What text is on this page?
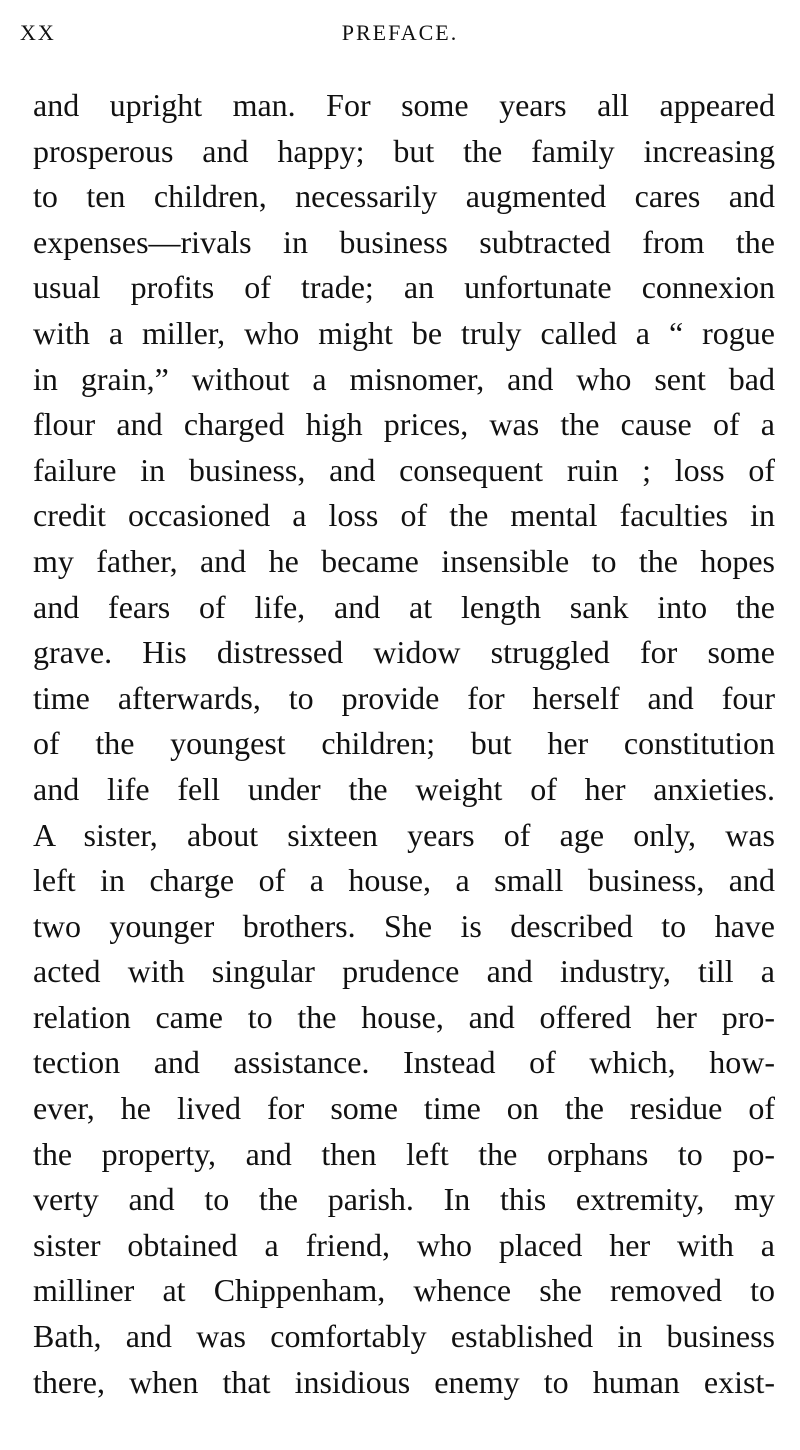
XX	PREFACE.
and upright man. For some years all appeared
prosperous and happy; but the family increasing
to ten children, necessarily augmented cares and
expenses—rivals in business subtracted from the
usual profits of trade; an unfortunate connexion
with a miller, who might be truly called a “ rogue
in grain,” without a misnomer, and who sent bad
flour and charged high prices, was the cause of a
failure in business, and consequent ruin ; loss of
credit occasioned a loss of the mental faculties in
my father, and he became insensible to the hopes
and fears of life, and at length sank into the
grave. His distressed widow struggled for some
time afterwards, to provide for herself and four
of the youngest children; but her constitution
and life fell under the weight of her anxieties.
A sister, about sixteen years of age only, was
left in charge of a house, a small business, and
two younger brothers. She is described to have
acted with singular prudence and industry, till a
relation came to the house, and offered her pro-
tection and assistance. Instead of which, how-
ever, he lived for some time on the residue of
the property, and then left the orphans to po-
verty and to the parish. In this extremity, my
sister obtained a friend, who placed her with a
milliner at Chippenham, whence she removed to
Bath, and was comfortably established in business
there, when that insidious enemy to human exist-
